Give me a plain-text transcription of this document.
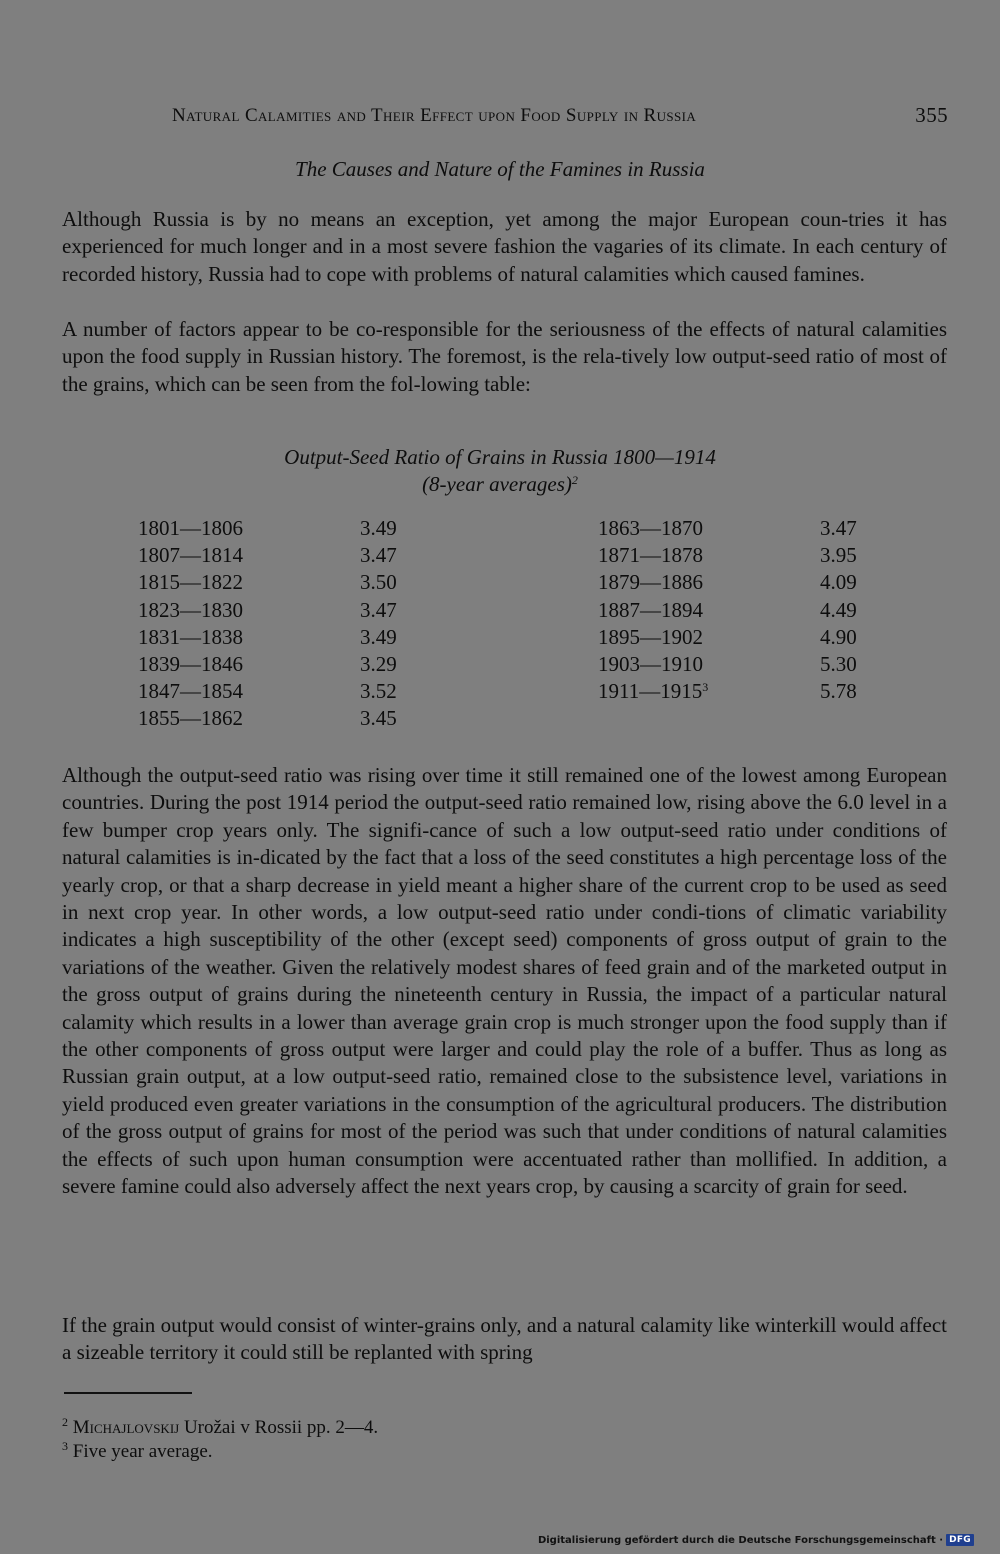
Natural Calamities and Their Effect upon Food Supply in Russia	355
The Causes and Nature of the Famines in Russia

Although Russia is by no means an exception, yet among the major European coun-tries it has experienced for much longer and in a most severe fashion the vagaries of its climate. In each century of recorded history, Russia had to cope with problems of natural calamities which caused famines.

A number of factors appear to be co-responsible for the seriousness of the effects of natural calamities upon the food supply in Russian history. The foremost, is the rela-tively low output-seed ratio of most of the grains, which can be seen from the fol-lowing table:

Output-Seed Ratio of Grains in Russia 1800—1914
(8-year averages)$^2$
1801—1806	3.49
1807—1814	3.47
1815—1822	3.50
1823—1830	3.47
1831—1838	3.49
1839—1846	3.29
1847—1854	3.52
1855—1862	3.45
1863—1870	3.47
1871—1878	3.95
1879—1886	4.09
1887—1894	4.49
1895—1902	4.90
1903—1910	5.30
1911—1915$^3$	5.78

Although the output-seed ratio was rising over time it still remained one of the lowest among European countries. During the post 1914 period the output-seed ratio remained low, rising above the 6.0 level in a few bumper crop years only. The signifi-cance of such a low output-seed ratio under conditions of natural calamities is in-dicated by the fact that a loss of the seed constitutes a high percentage loss of the yearly crop, or that a sharp decrease in yield meant a higher share of the current crop to be used as seed in next crop year. In other words, a low output-seed ratio under condi-tions of climatic variability indicates a high susceptibility of the other (except seed) components of gross output of grain to the variations of the weather. Given the relatively modest shares of feed grain and of the marketed output in the gross output of grains during the nineteenth century in Russia, the impact of a particular natural calamity which results in a lower than average grain crop is much stronger upon the food supply than if the other components of gross output were larger and could play the role of a buffer. Thus as long as Russian grain output, at a low output-seed ratio, remained close to the subsistence level, variations in yield produced even greater variations in the consumption of the agricultural producers. The distribution of the gross output of grains for most of the period was such that under conditions of natural calamities the effects of such upon human consumption were accentuated rather than mollified. In addition, a severe famine could also adversely affect the next years crop, by causing a scarcity of grain for seed.

If the grain output would consist of winter-grains only, and a natural calamity like winterkill would affect a sizeable territory it could still be replanted with spring

$^2$ Michajlovskij Urožai v Rossii pp. 2—4.
$^3$ Five year average.
Digitalisierung gefördert durch die Deutsche Forschungsgemeinschaft · DFG
